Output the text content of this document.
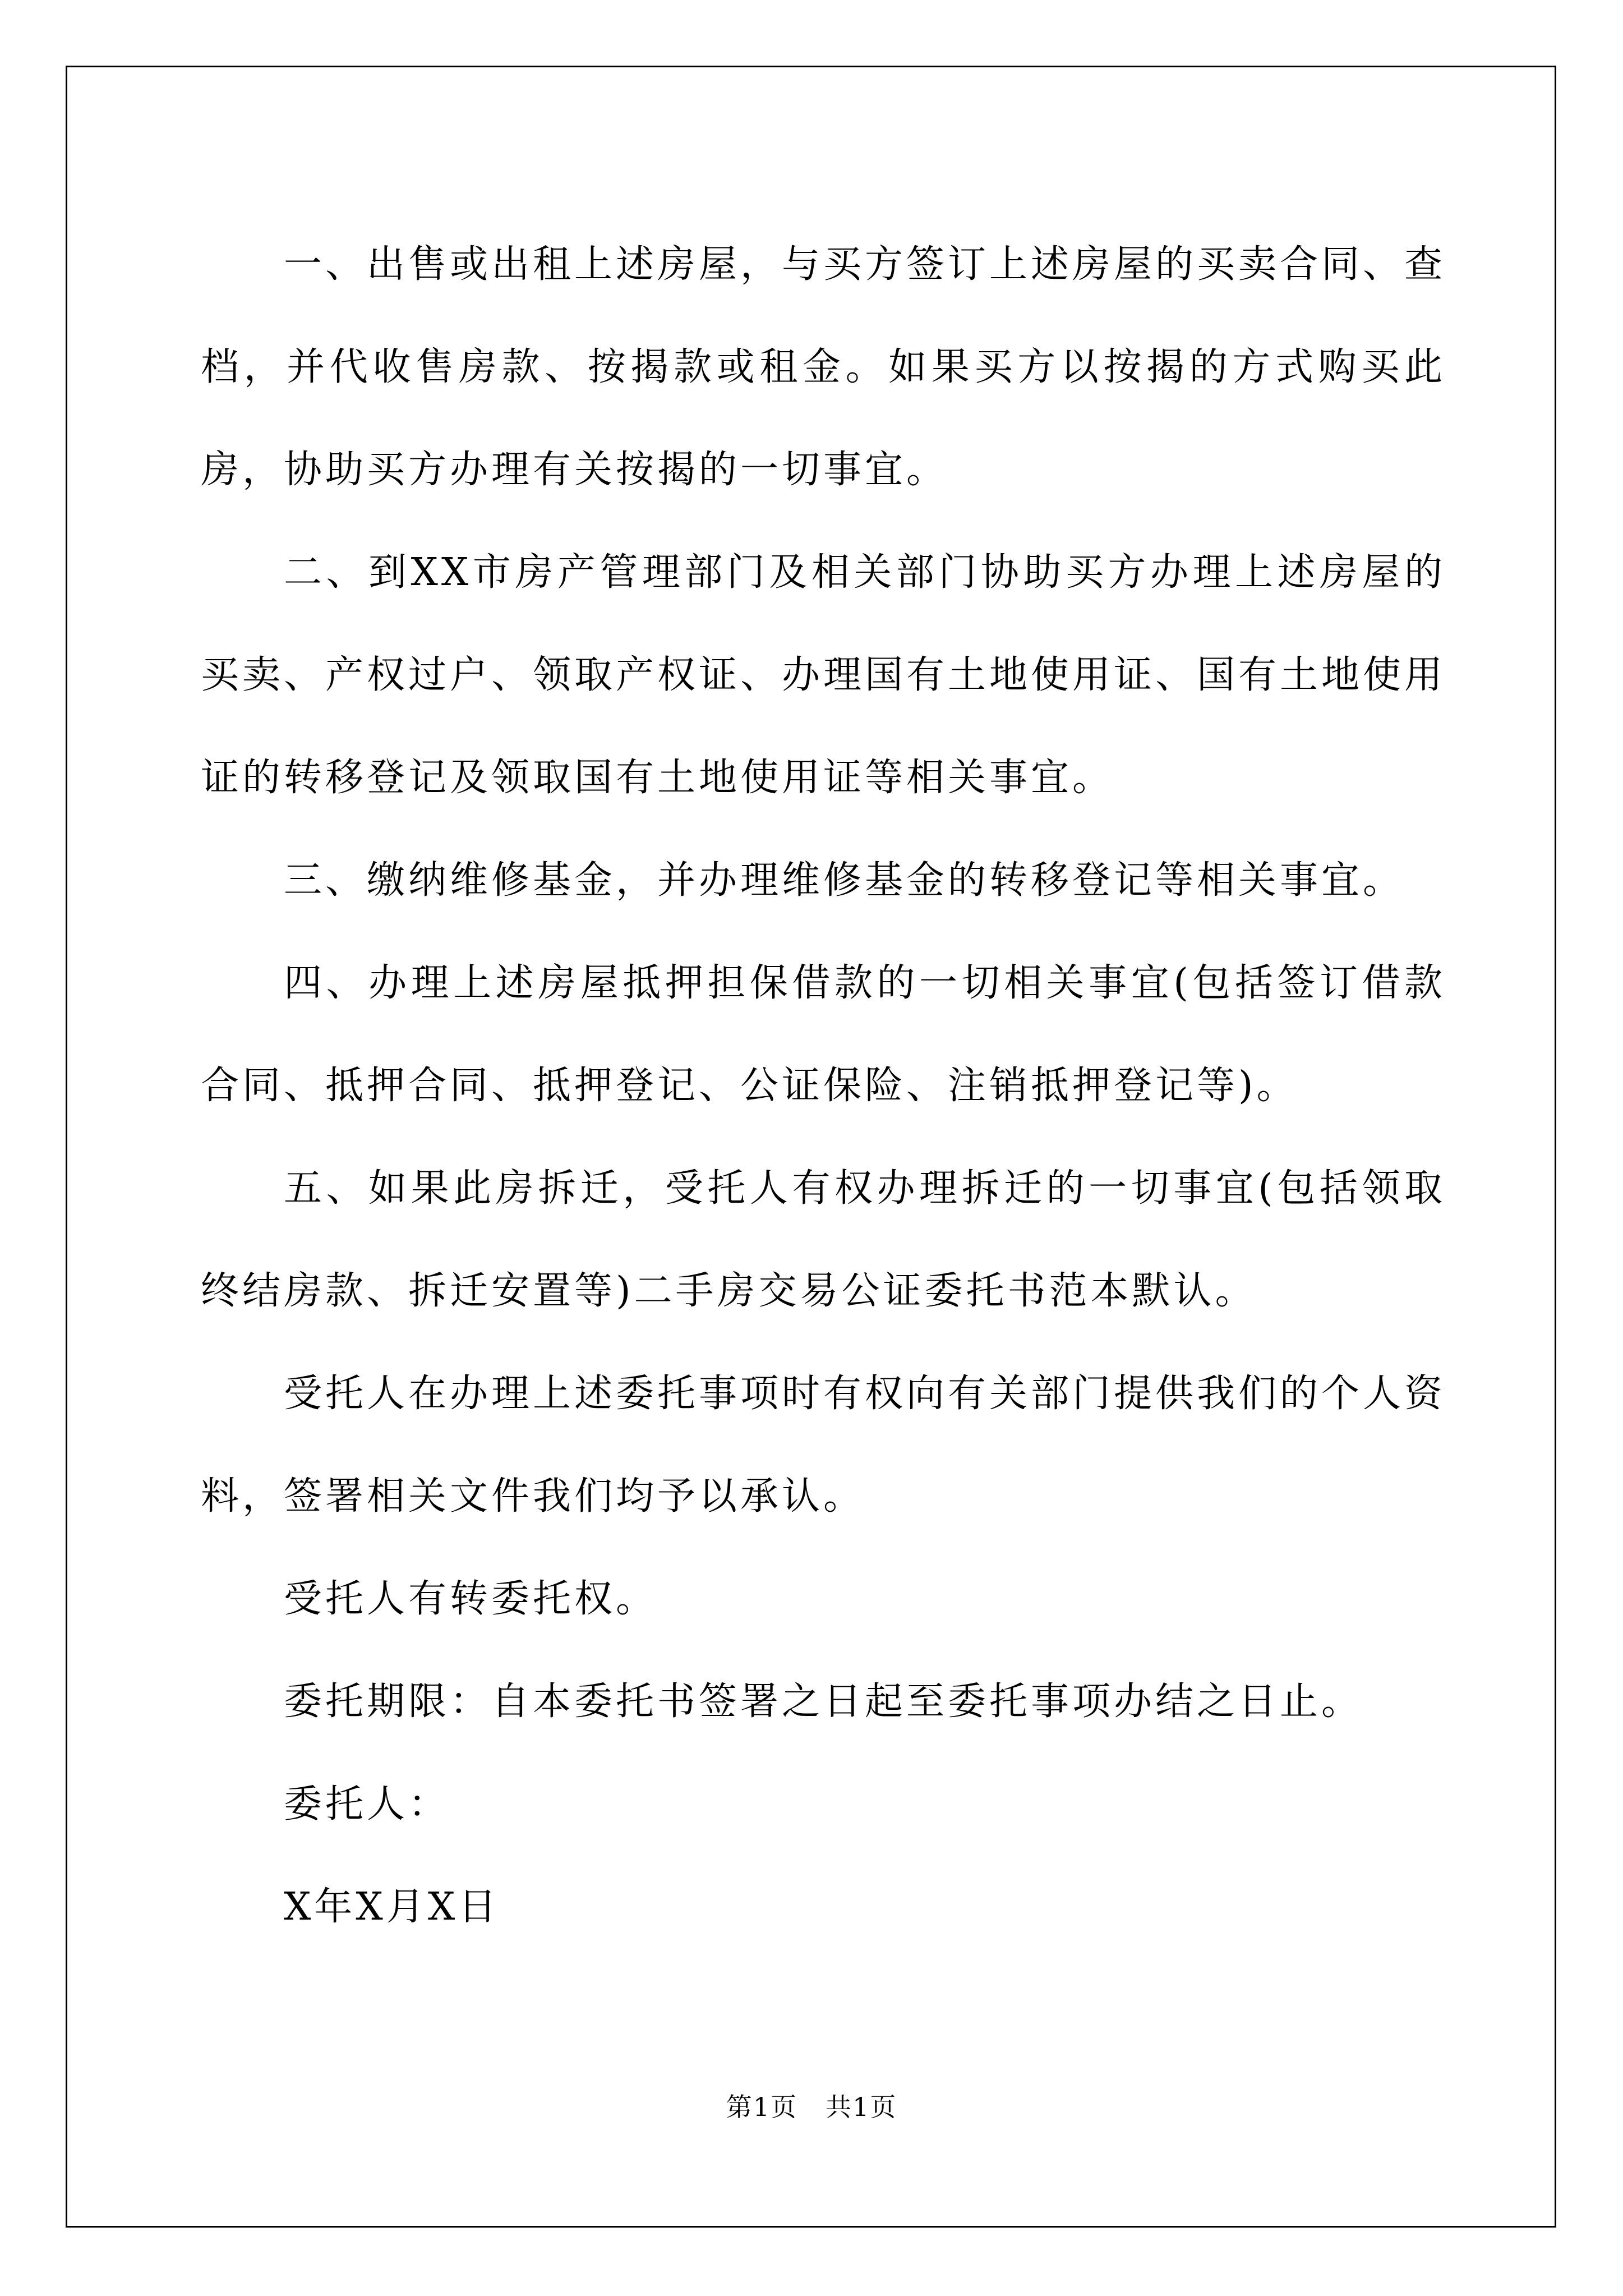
一、出售或出租上述房屋，与买方签订上述房屋的买卖合同、查档，并代收售房款、按揭款或租金。如果买方以按揭的方式购买此房，协助买方办理有关按揭的一切事宜。

二、到XX市房产管理部门及相关部门协助买方办理上述房屋的买卖、产权过户、领取产权证、办理国有土地使用证、国有土地使用证的转移登记及领取国有土地使用证等相关事宜。

三、缴纳维修基金，并办理维修基金的转移登记等相关事宜。

四、办理上述房屋抵押担保借款的一切相关事宜(包括签订借款合同、抵押合同、抵押登记、公证保险、注销抵押登记等)。

五、如果此房拆迁，受托人有权办理拆迁的一切事宜(包括领取终结房款、拆迁安置等)二手房交易公证委托书范本默认。

受托人在办理上述委托事项时有权向有关部门提供我们的个人资料，签署相关文件我们均予以承认。

受托人有转委托权。

委托期限：自本委托书签署之日起至委托事项办结之日止。

委托人：

X年X月X日

第1页 共1页
